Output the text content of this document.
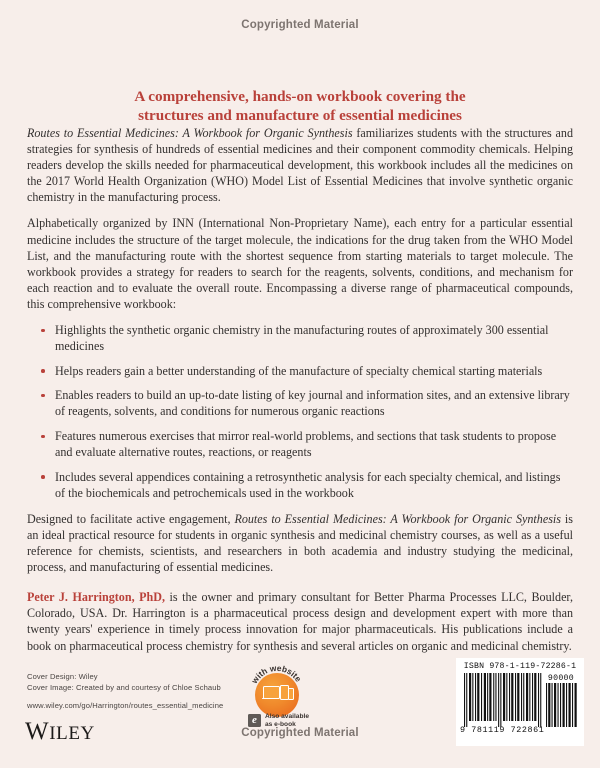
Copyrighted Material
A comprehensive, hands-on workbook covering the
structures and manufacture of essential medicines

Routes to Essential Medicines: A Workbook for Organic Synthesis familiarizes students with the structures and strategies for synthesis of hundreds of essential medicines and their component commodity chemicals. Helping readers develop the skills needed for pharmaceutical development, this workbook includes all the medicines on the 2017 World Health Organization (WHO) Model List of Essential Medicines that involve synthetic organic chemistry in the manufacturing process.

Alphabetically organized by INN (International Non-Proprietary Name), each entry for a particular essential medicine includes the structure of the target molecule, the indications for the drug taken from the WHO Model List, and the manufacturing route with the shortest sequence from starting materials to target molecule. The workbook provides a strategy for readers to search for the reagents, solvents, conditions, and mechanism for each reaction and to evaluate the overall route. Encompassing a diverse range of pharmaceutical compounds, this comprehensive workbook:

Highlights the synthetic organic chemistry in the manufacturing routes of approximately 300 essential medicines
Helps readers gain a better understanding of the manufacture of specialty chemical starting materials
Enables readers to build an up-to-date listing of key journal and information sites, and an extensive library of reagents, solvents, and conditions for numerous organic reactions
Features numerous exercises that mirror real-world problems, and sections that task students to propose and evaluate alternative routes, reactions, or reagents
Includes several appendices containing a retrosynthetic analysis for each specialty chemical, and listings of the biochemicals and petrochemicals used in the workbook

Designed to facilitate active engagement, Routes to Essential Medicines: A Workbook for Organic Synthesis is an ideal practical resource for students in organic synthesis and medicinal chemistry courses, as well as a useful reference for chemists, scientists, and researchers in both academia and industry studying the medicinal, process, and manufacturing of essential medicines.

Peter J. Harrington, PhD, is the owner and primary consultant for Better Pharma Processes LLC, Boulder, Colorado, USA. Dr. Harrington is a pharmaceutical process design and development expert with more than twenty years' experience in timely process innovation for major pharmaceuticals. His publications include a book on pharmaceutical process chemistry for synthesis and several articles on organic and medicinal chemistry.

Cover Design: Wiley
Cover Image: Created by and courtesy of Chloe Schaub
www.wiley.com/go/Harrington/routes_essential_medicine
WILEY
with website
e	Also available
as e-book
ISBN 978-1-119-72286-1
90000
9 781119 722861
Copyrighted Material
